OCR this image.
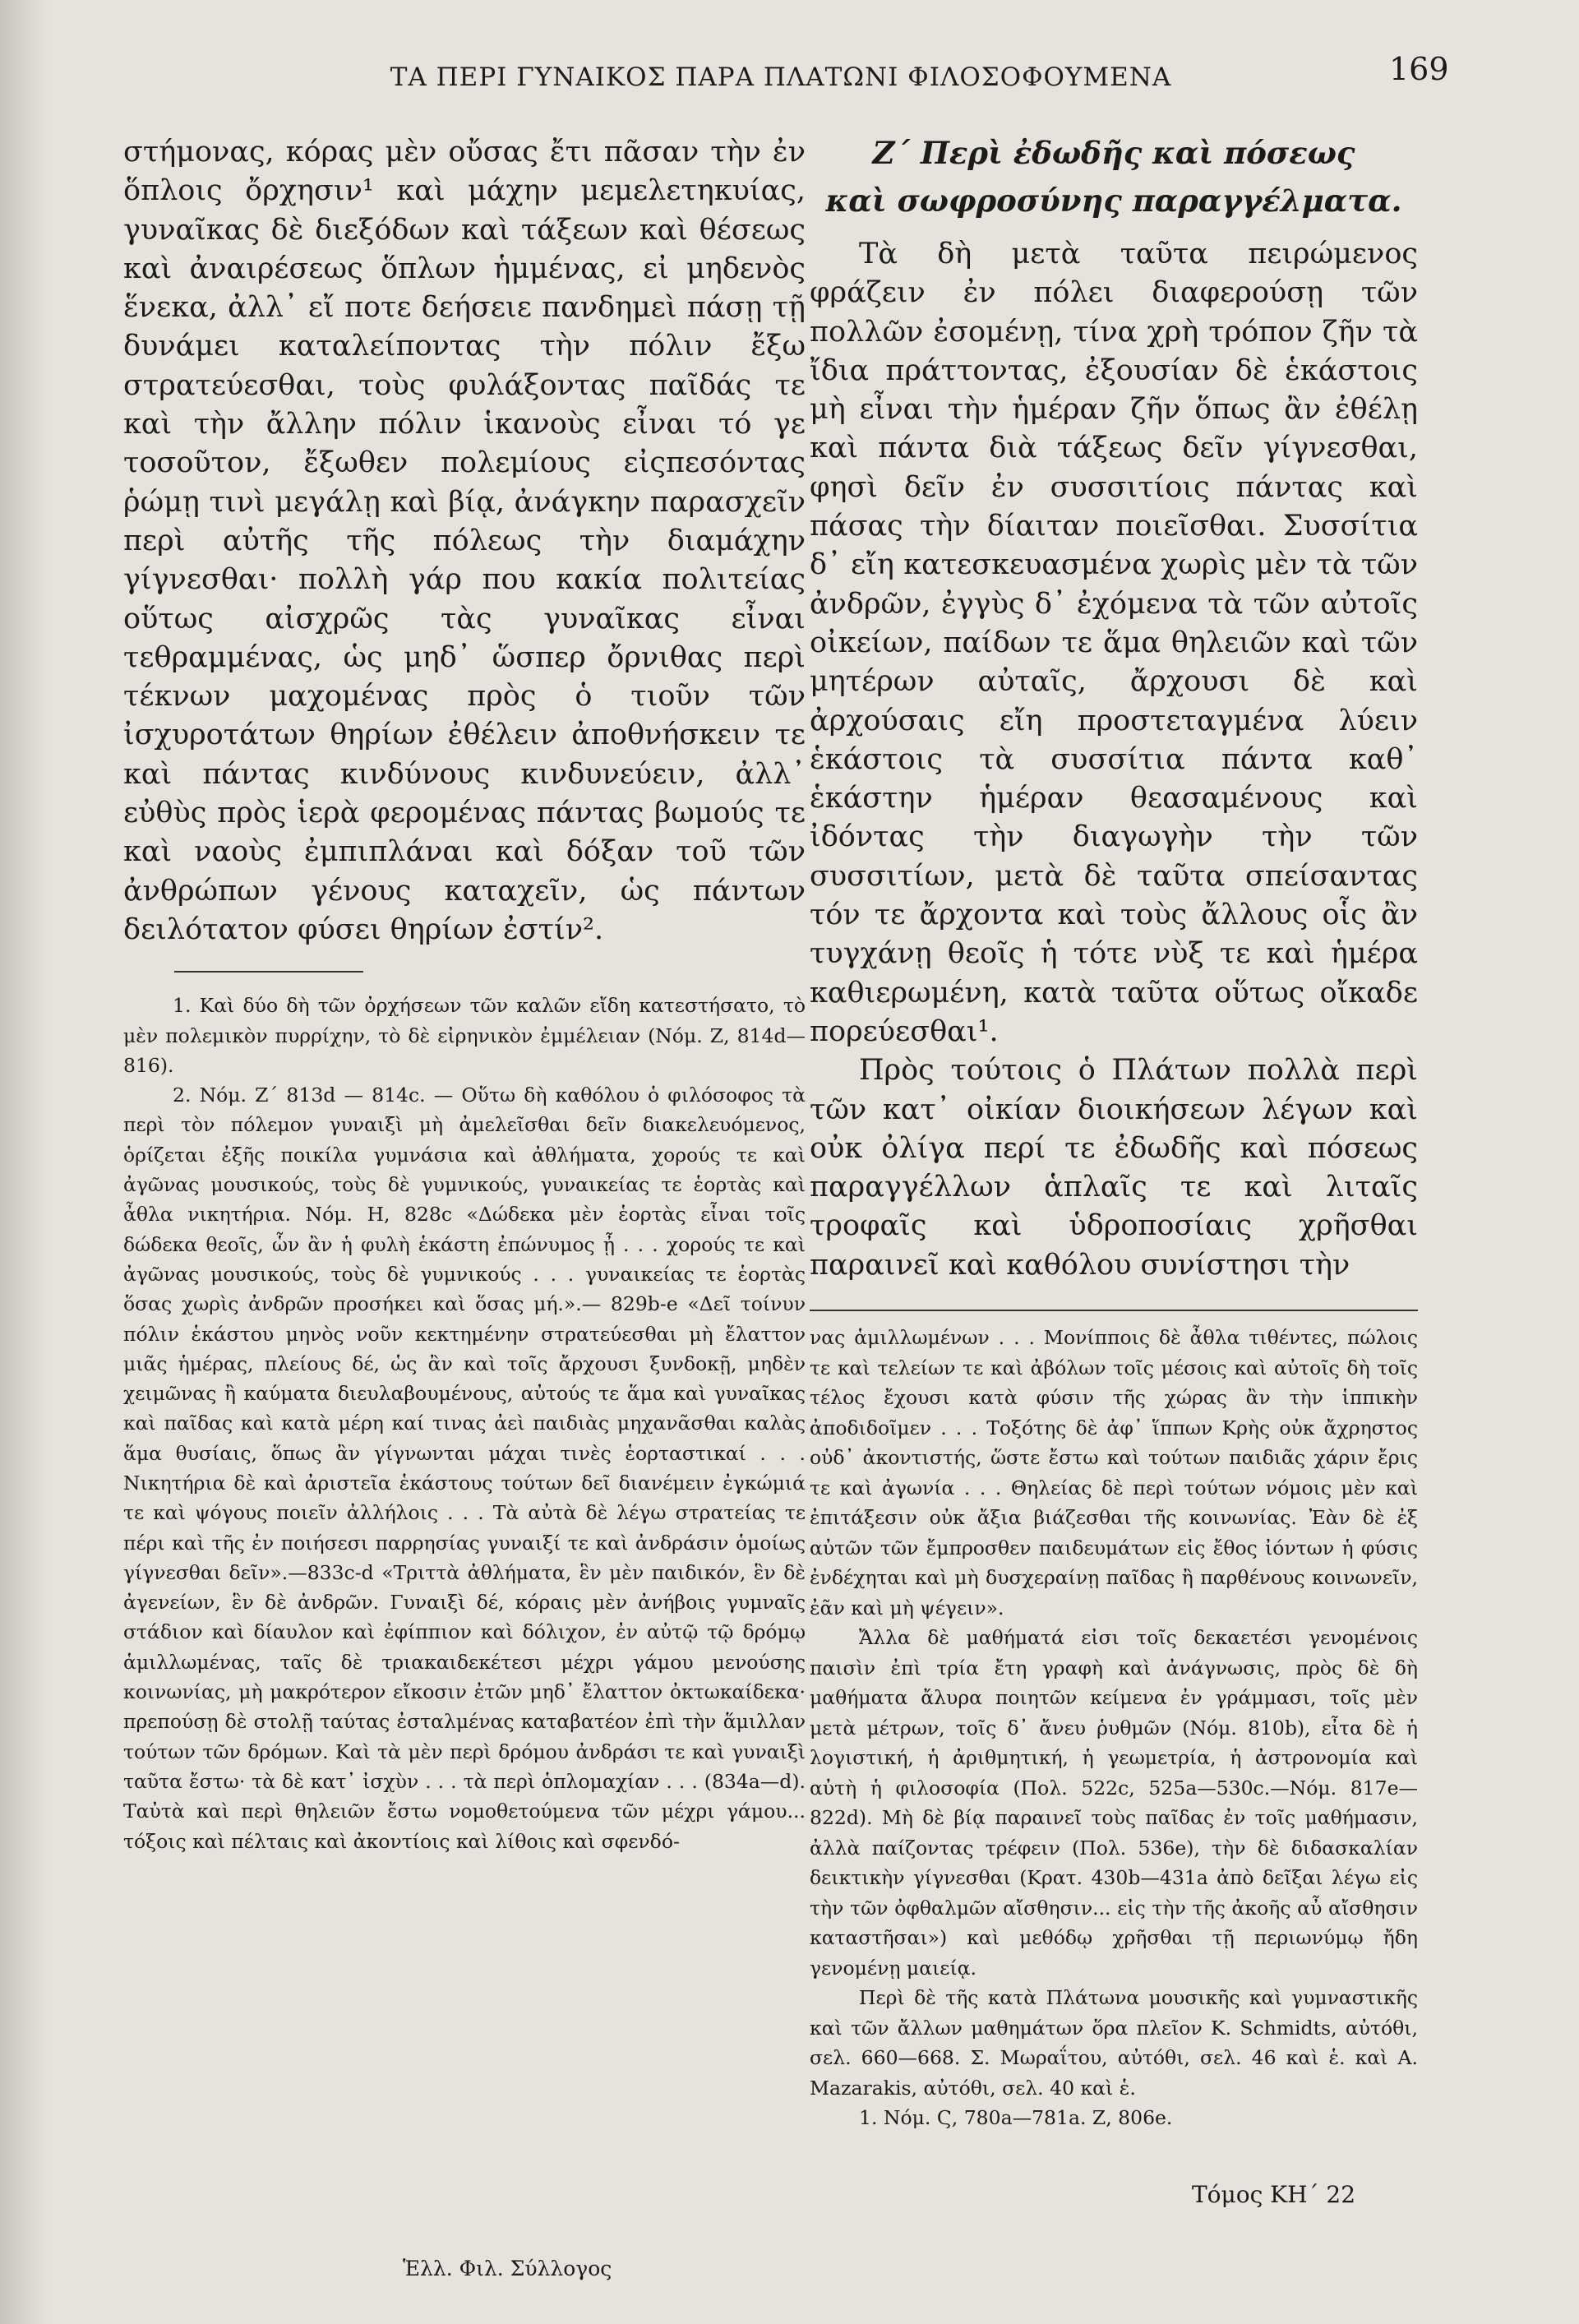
ΤΑ ΠΕΡΙ ΓΥΝΑΙΚΟΣ ΠΑΡΑ ΠΛΑΤΩΝΙ ΦΙΛΟΣΟΦΟΥΜΕΝΑ	169

στήμονας, κόρας μὲν οὔσας ἔτι πᾶσαν τὴν ἐν ὅπλοις ὄρχησιν¹ καὶ μάχην μεμελετηκυίας, γυναῖκας δὲ διεξόδων καὶ τάξεων καὶ θέσεως καὶ ἀναιρέσεως ὅπλων ἡμμένας, εἰ μηδενὸς ἕνεκα, ἀλλ᾽ εἴ ποτε δεήσειε πανδημεὶ πάσῃ τῇ δυνάμει καταλείποντας τὴν πόλιν ἔξω στρατεύεσθαι, τοὺς φυλάξοντας παῖδάς τε καὶ τὴν ἄλλην πόλιν ἱκανοὺς εἶναι τό γε τοσοῦτον, ἔξωθεν πολεμίους εἰςπεσόντας ῥώμῃ τινὶ μεγάλῃ καὶ βίᾳ, ἀνάγκην παρασχεῖν περὶ αὐτῆς τῆς πόλεως τὴν διαμάχην γίγνεσθαι· πολλὴ γάρ που κακία πολιτείας οὕτως αἰσχρῶς τὰς γυναῖκας εἶναι τεθραμμένας, ὡς μηδ᾽ ὥσπερ ὄρνιθας περὶ τέκνων μαχομένας πρὸς ὁ τιοῦν τῶν ἰσχυροτάτων θηρίων ἐθέλειν ἀποθνήσκειν τε καὶ πάντας κινδύνους κινδυνεύειν, ἀλλ᾽ εὐθὺς πρὸς ἱερὰ φερομένας πάντας βωμούς τε καὶ ναοὺς ἐμπιπλάναι καὶ δόξαν τοῦ τῶν ἀνθρώπων γένους καταχεῖν, ὡς πάντων δειλότατον φύσει θηρίων ἐστίν².

1. Καὶ δύο δὴ τῶν ὀρχήσεων τῶν καλῶν εἴδη κατεστήσατο, τὸ μὲν πολεμικὸν πυρρίχην, τὸ δὲ εἰρηνικὸν ἐμμέλειαν (Νόμ. Ζ, 814d—816).

2. Νόμ. Ζ΄ 813d — 814c. — Οὕτω δὴ καθόλου ὁ φιλόσοφος τὰ περὶ τὸν πόλεμον γυναιξὶ μὴ ἀμελεῖσθαι δεῖν διακελευόμενος, ὁρίζεται ἐξῆς ποικίλα γυμνάσια καὶ ἀθλήματα, χορούς τε καὶ ἀγῶνας μουσικούς, τοὺς δὲ γυμνικούς, γυναικείας τε ἑορτὰς καὶ ἆθλα νικητήρια. Νόμ. Η, 828c «Δώδεκα μὲν ἑορτὰς εἶναι τοῖς δώδεκα θεοῖς, ὧν ἂν ἡ φυλὴ ἑκάστη ἐπώνυμος ᾖ . . . χορούς τε καὶ ἀγῶνας μουσικούς, τοὺς δὲ γυμνικούς . . . γυναικείας τε ἑορτὰς ὅσας χωρὶς ἀνδρῶν προσήκει καὶ ὅσας μή.».— 829b-e «Δεῖ τοίνυν πόλιν ἑκάστου μηνὸς νοῦν κεκτημένην στρατεύεσθαι μὴ ἔλαττον μιᾶς ἡμέρας, πλείους δέ, ὡς ἂν καὶ τοῖς ἄρχουσι ξυνδοκῇ, μηδὲν χειμῶνας ἢ καύματα διευλαβουμένους, αὐτούς τε ἅμα καὶ γυναῖκας καὶ παῖδας καὶ κατὰ μέρη καί τινας ἀεὶ παιδιὰς μηχανᾶσθαι καλὰς ἅμα θυσίαις, ὅπως ἂν γίγνωνται μάχαι τινὲς ἑορταστικαί . . . Νικητήρια δὲ καὶ ἀριστεῖα ἑκάστους τούτων δεῖ διανέμειν ἐγκώμιά τε καὶ ψόγους ποιεῖν ἀλλήλοις . . . Τὰ αὐτὰ δὲ λέγω στρατείας τε πέρι καὶ τῆς ἐν ποιήσεσι παρρησίας γυναιξί τε καὶ ἀνδράσιν ὁμοίως γίγνεσθαι δεῖν».—833c-d «Τριττὰ ἀθλήματα, ἓν μὲν παιδικόν, ἓν δὲ ἀγενείων, ἓν δὲ ἀνδρῶν. Γυναιξὶ δέ, κόραις μὲν ἀνήβοις γυμναῖς στάδιον καὶ δίαυλον καὶ ἐφίππιον καὶ δόλιχον, ἐν αὐτῷ τῷ δρόμῳ ἁμιλλωμένας, ταῖς δὲ τριακαιδεκέτεσι μέχρι γάμου μενούσης κοινωνίας, μὴ μακρότερον εἴκοσιν ἐτῶν μηδ᾽ ἔλαττον ὀκτωκαίδεκα· πρεπούσῃ δὲ στολῇ ταύτας ἐσταλμένας καταβατέον ἐπὶ τὴν ἅμιλλαν τούτων τῶν δρόμων. Καὶ τὰ μὲν περὶ δρόμου ἀνδράσι τε καὶ γυναιξὶ ταῦτα ἔστω· τὰ δὲ κατ᾽ ἰσχὺν . . . τὰ περὶ ὁπλομαχίαν . . . (834a—d). Ταὐτὰ καὶ περὶ θηλειῶν ἔστω νομοθετούμενα τῶν μέχρι γάμου... τόξοις καὶ πέλταις καὶ ἀκοντίοις καὶ λίθοις καὶ σφενδό-

Ζ΄ Περὶ ἐδωδῆς καὶ πόσεως

καὶ σωφροσύνης παραγγέλματα.

Τὰ δὴ μετὰ ταῦτα πειρώμενος φράζειν ἐν πόλει διαφερούσῃ τῶν πολλῶν ἐσομένῃ, τίνα χρὴ τρόπον ζῆν τὰ ἴδια πράττοντας, ἐξουσίαν δὲ ἑκάστοις μὴ εἶναι τὴν ἡμέραν ζῆν ὅπως ἂν ἐθέλῃ καὶ πάντα διὰ τάξεως δεῖν γίγνεσθαι, φησὶ δεῖν ἐν συσσιτίοις πάντας καὶ πάσας τὴν δίαιταν ποιεῖσθαι. Συσσίτια δ᾽ εἴη κατεσκευασμένα χωρὶς μὲν τὰ τῶν ἀνδρῶν, ἐγγὺς δ᾽ ἐχόμενα τὰ τῶν αὐτοῖς οἰκείων, παίδων τε ἅμα θηλειῶν καὶ τῶν μητέρων αὐταῖς, ἄρχουσι δὲ καὶ ἀρχούσαις εἴη προστεταγμένα λύειν ἑκάστοις τὰ συσσίτια πάντα καθ᾽ ἑκάστην ἡμέραν θεασαμένους καὶ ἰδόντας τὴν διαγωγὴν τὴν τῶν συσσιτίων, μετὰ δὲ ταῦτα σπείσαντας τόν τε ἄρχοντα καὶ τοὺς ἄλλους οἷς ἂν τυγχάνῃ θεοῖς ἡ τότε νὺξ τε καὶ ἡμέρα καθιερωμένη, κατὰ ταῦτα οὕτως οἴκαδε πορεύεσθαι¹.

Πρὸς τούτοις ὁ Πλάτων πολλὰ περὶ τῶν κατ᾽ οἰκίαν διοικήσεων λέγων καὶ οὐκ ὀλίγα περί τε ἐδωδῆς καὶ πόσεως παραγγέλλων ἁπλαῖς τε καὶ λιταῖς τροφαῖς καὶ ὑδροποσίαις χρῆσθαι παραινεῖ καὶ καθόλου συνίστησι τὴν

νας ἁμιλλωμένων . . . Μονίπποις δὲ ἆθλα τιθέντες, πώλοις τε καὶ τελείων τε καὶ ἀβόλων τοῖς μέσοις καὶ αὐτοῖς δὴ τοῖς τέλος ἔχουσι κατὰ φύσιν τῆς χώρας ἂν τὴν ἱππικὴν ἀποδιδοῖμεν . . . Τοξότης δὲ ἀφ᾽ ἵππων Κρὴς οὐκ ἄχρηστος οὐδ᾽ ἀκοντιστής, ὥστε ἔστω καὶ τούτων παιδιᾶς χάριν ἔρις τε καὶ ἀγωνία . . . Θηλείας δὲ περὶ τούτων νόμοις μὲν καὶ ἐπιτάξεσιν οὐκ ἄξια βιάζεσθαι τῆς κοινωνίας. Ἐὰν δὲ ἐξ αὐτῶν τῶν ἔμπροσθεν παιδευμάτων εἰς ἔθος ἰόντων ἡ φύσις ἐνδέχηται καὶ μὴ δυσχεραίνῃ παῖδας ἢ παρθένους κοινωνεῖν, ἐᾶν καὶ μὴ ψέγειν».

Ἄλλα δὲ μαθήματά εἰσι τοῖς δεκαετέσι γενομένοις παισὶν ἐπὶ τρία ἔτη γραφὴ καὶ ἀνάγνωσις, πρὸς δὲ δὴ μαθήματα ἄλυρα ποιητῶν κείμενα ἐν γράμμασι, τοῖς μὲν μετὰ μέτρων, τοῖς δ᾽ ἄνευ ῥυθμῶν (Νόμ. 810b), εἶτα δὲ ἡ λογιστική, ἡ ἀριθμητική, ἡ γεωμετρία, ἡ ἀστρονομία καὶ αὐτὴ ἡ φιλοσοφία (Πολ. 522c, 525a—530c.—Νόμ. 817e—822d). Μὴ δὲ βίᾳ παραινεῖ τοὺς παῖδας ἐν τοῖς μαθήμασιν, ἀλλὰ παίζοντας τρέφειν (Πολ. 536e), τὴν δὲ διδασκαλίαν δεικτικὴν γίγνεσθαι (Κρατ. 430b—431a ἀπὸ δεῖξαι λέγω εἰς τὴν τῶν ὀφθαλμῶν αἴσθησιν... εἰς τὴν τῆς ἀκοῆς αὖ αἴσθησιν καταστῆσαι») καὶ μεθόδῳ χρῆσθαι τῇ περιωνύμῳ ἤδη γενομένῃ μαιείᾳ.

Περὶ δὲ τῆς κατὰ Πλάτωνα μουσικῆς καὶ γυμναστικῆς καὶ τῶν ἄλλων μαθημάτων ὅρα πλεῖον K. Schmidts, αὐτόθι, σελ. 660—668. Σ. Μωραΐτου, αὐτόθι, σελ. 46 καὶ ἑ. καὶ Α. Mazarakis, αὐτόθι, σελ. 40 καὶ ἑ.

1. Νόμ. Ϛ, 780a—781a. Ζ, 806e.

Τόμος ΚΗ΄ 22
Ἑλλ. Φιλ. Σύλλογος
